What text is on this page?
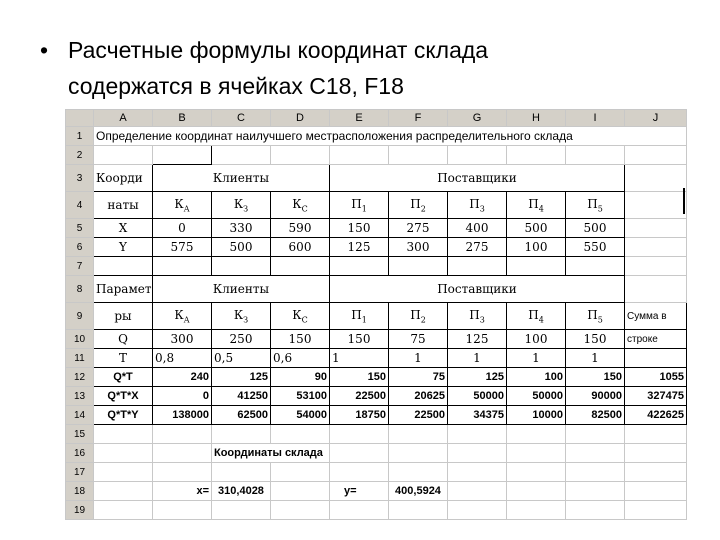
• Расчетные формулы координат склада
содержатся в ячейках C18, F18
	A	B	C	D	E	F	G	H	I	J
1	Определение координат наилучшего местрасположения распределительного склада									
2										
3	Коорди	Клиенты			Поставщики					
4	наты	$К_А$	$К_З$	$К_С$	$П_1$	$П_2$	$П_3$	$П_4$	$П_5$	
5	X	0	330	590	150	275	400	500	500	
6	Y	575	500	600	125	300	275	100	550	
7										
8	Парамет	Клиенты			Поставщики					
9	ры	$К_А$	$К_З$	$К_С$	$П_1$	$П_2$	$П_3$	$П_4$	$П_5$	Сумма в
10	Q	300	250	150	150	75	125	100	150	строке
11	T	0,8	0,5	0,6	1	1	1	1	1	
12	Q*T	240	125	90	150	75	125	100	150	1055
13	Q*T*X	0	41250	53100	22500	20625	50000	50000	90000	327475
14	Q*T*Y	138000	62500	54000	18750	22500	34375	10000	82500	422625
15										
16			Координаты склада							
17										
18		x=	310,4028		y=	400,5924				
19										
